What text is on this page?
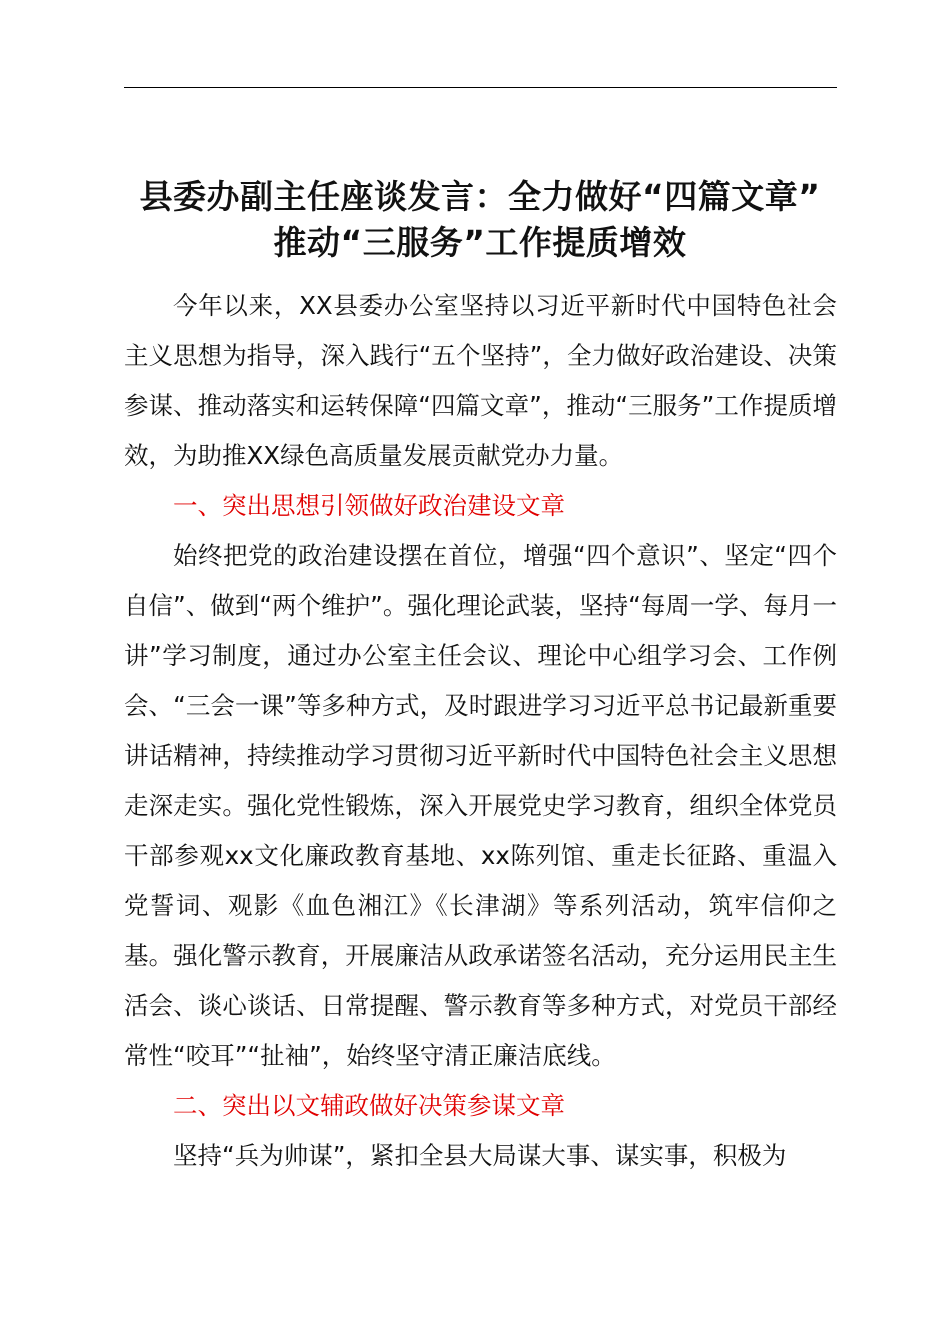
县委办副主任座谈发言：全力做好“四篇文章”
推动“三服务”工作提质增效

今年以来，XX县委办公室坚持以习近平新时代中国特色社会主义思想为指导，深入践行“五个坚持”，全力做好政治建设、决策参谋、推动落实和运转保障“四篇文章”，推动“三服务”工作提质增效，为助推XX绿色高质量发展贡献党办力量。

一、突出思想引领做好政治建设文章

始终把党的政治建设摆在首位，增强“四个意识”、坚定“四个自信”、做到“两个维护”。强化理论武装，坚持“每周一学、每月一讲”学习制度，通过办公室主任会议、理论中心组学习会、工作例会、“三会一课”等多种方式，及时跟进学习习近平总书记最新重要讲话精神，持续推动学习贯彻习近平新时代中国特色社会主义思想走深走实。强化党性锻炼，深入开展党史学习教育，组织全体党员干部参观xx文化廉政教育基地、xx陈列馆、重走长征路、重温入党誓词、观影《血色湘江》《长津湖》等系列活动，筑牢信仰之基。强化警示教育，开展廉洁从政承诺签名活动，充分运用民主生活会、谈心谈话、日常提醒、警示教育等多种方式，对党员干部经常性“咬耳”“扯袖”，始终坚守清正廉洁底线。

二、突出以文辅政做好决策参谋文章

坚持“兵为帅谋”，紧扣全县大局谋大事、谋实事，积极为
